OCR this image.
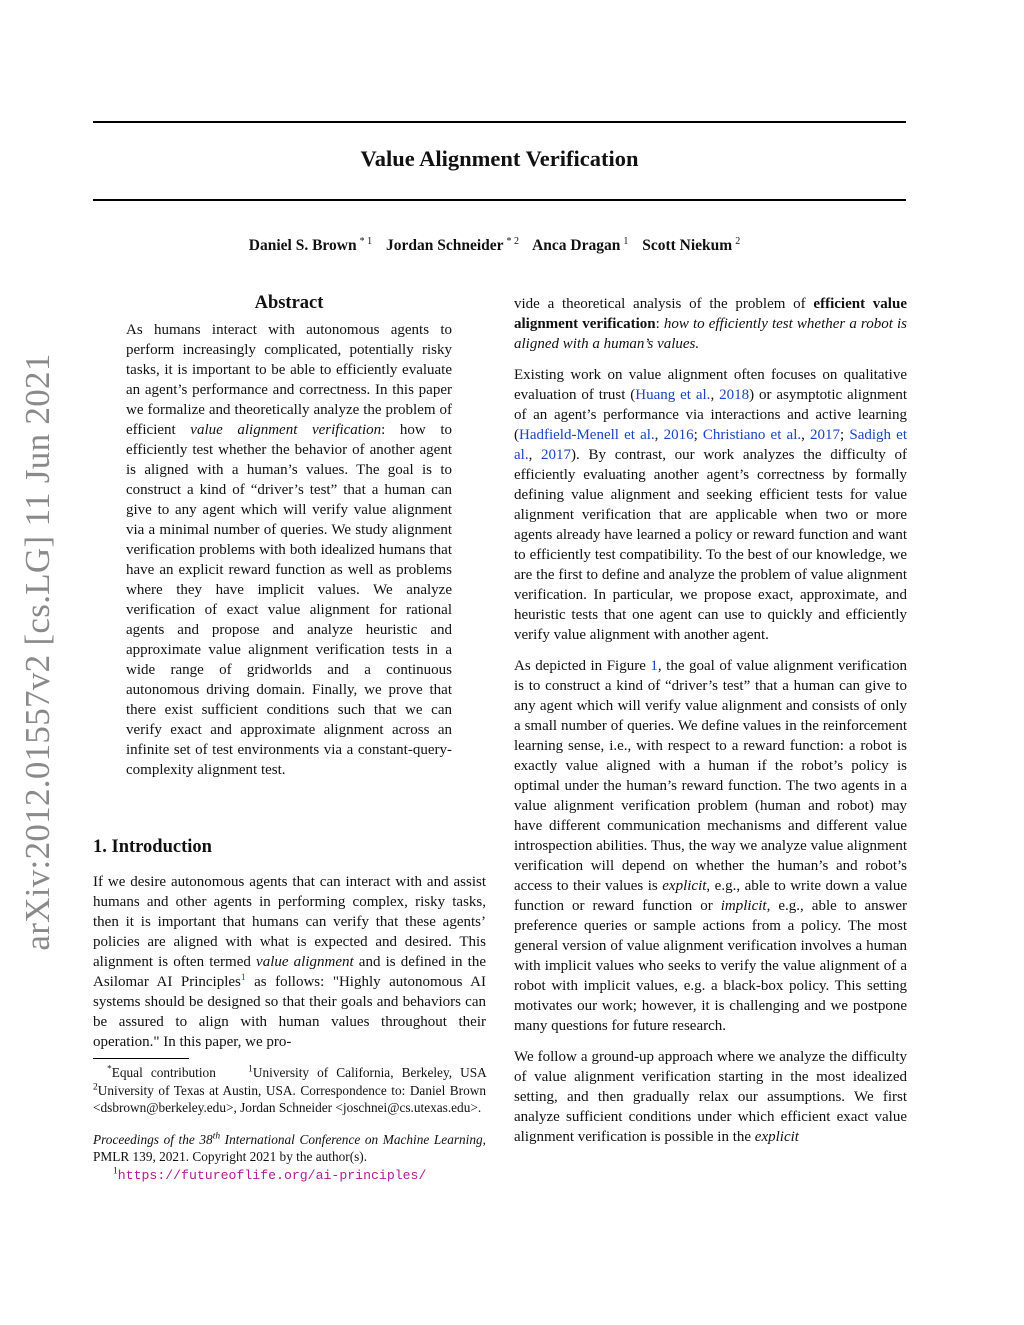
arXiv:2012.01557v2 [cs.LG] 11 Jun 2021
Value Alignment Verification
Daniel S. Brown $^{* 1}$ Jordan Schneider $^{* 2}$ Anca Dragan $^1$ Scott Niekum $^2$
Abstract

As humans interact with autonomous agents to perform increasingly complicated, potentially risky tasks, it is important to be able to efficiently evaluate an agent’s performance and correctness. In this paper we formalize and theoretically analyze the problem of efficient value alignment verification: how to efficiently test whether the behavior of another agent is aligned with a human’s values. The goal is to construct a kind of “driver’s test” that a human can give to any agent which will verify value alignment via a minimal number of queries. We study alignment verification problems with both idealized humans that have an explicit reward function as well as problems where they have implicit values. We analyze verification of exact value alignment for rational agents and propose and analyze heuristic and approximate value alignment verification tests in a wide range of gridworlds and a continuous autonomous driving domain. Finally, we prove that there exist sufficient conditions such that we can verify exact and approximate alignment across an infinite set of test environments via a constant-query-complexity alignment test.

1. Introduction

If we desire autonomous agents that can interact with and assist humans and other agents in performing complex, risky tasks, then it is important that humans can verify that these agents’ policies are aligned with what is expected and desired. This alignment is often termed value alignment and is defined in the Asilomar AI Principles$^1$ as follows: "Highly autonomous AI systems should be designed so that their goals and behaviors can be assured to align with human values throughout their operation." In this paper, we pro-

*Equal contribution	$^1$University of California, Berkeley, USA $^2$University of Texas at Austin, USA. Correspondence to: Daniel Brown <dsbrown@berkeley.edu>, Jordan Schneider <joschnei@cs.utexas.edu>.

Proceedings of the 38th International Conference on Machine Learning, PMLR 139, 2021. Copyright 2021 by the author(s).

$^1$https://futureoflife.org/ai-principles/

vide a theoretical analysis of the problem of efficient value alignment verification: how to efficiently test whether a robot is aligned with a human’s values.

Existing work on value alignment often focuses on qualitative evaluation of trust (Huang et al., 2018) or asymptotic alignment of an agent’s performance via interactions and active learning (Hadfield-Menell et al., 2016; Christiano et al., 2017; Sadigh et al., 2017). By contrast, our work analyzes the difficulty of efficiently evaluating another agent’s correctness by formally defining value alignment and seeking efficient tests for value alignment verification that are applicable when two or more agents already have learned a policy or reward function and want to efficiently test compatibility. To the best of our knowledge, we are the first to define and analyze the problem of value alignment verification. In particular, we propose exact, approximate, and heuristic tests that one agent can use to quickly and efficiently verify value alignment with another agent.

As depicted in Figure 1, the goal of value alignment verification is to construct a kind of “driver’s test” that a human can give to any agent which will verify value alignment and consists of only a small number of queries. We define values in the reinforcement learning sense, i.e., with respect to a reward function: a robot is exactly value aligned with a human if the robot’s policy is optimal under the human’s reward function. The two agents in a value alignment verification problem (human and robot) may have different communication mechanisms and different value introspection abilities. Thus, the way we analyze value alignment verification will depend on whether the human’s and robot’s access to their values is explicit, e.g., able to write down a value function or reward function or implicit, e.g., able to answer preference queries or sample actions from a policy. The most general version of value alignment verification involves a human with implicit values who seeks to verify the value alignment of a robot with implicit values, e.g. a black-box policy. This setting motivates our work; however, it is challenging and we postpone many questions for future research.

We follow a ground-up approach where we analyze the difficulty of value alignment verification starting in the most idealized setting, and then gradually relax our assumptions. We first analyze sufficient conditions under which efficient exact value alignment verification is possible in the explicit
